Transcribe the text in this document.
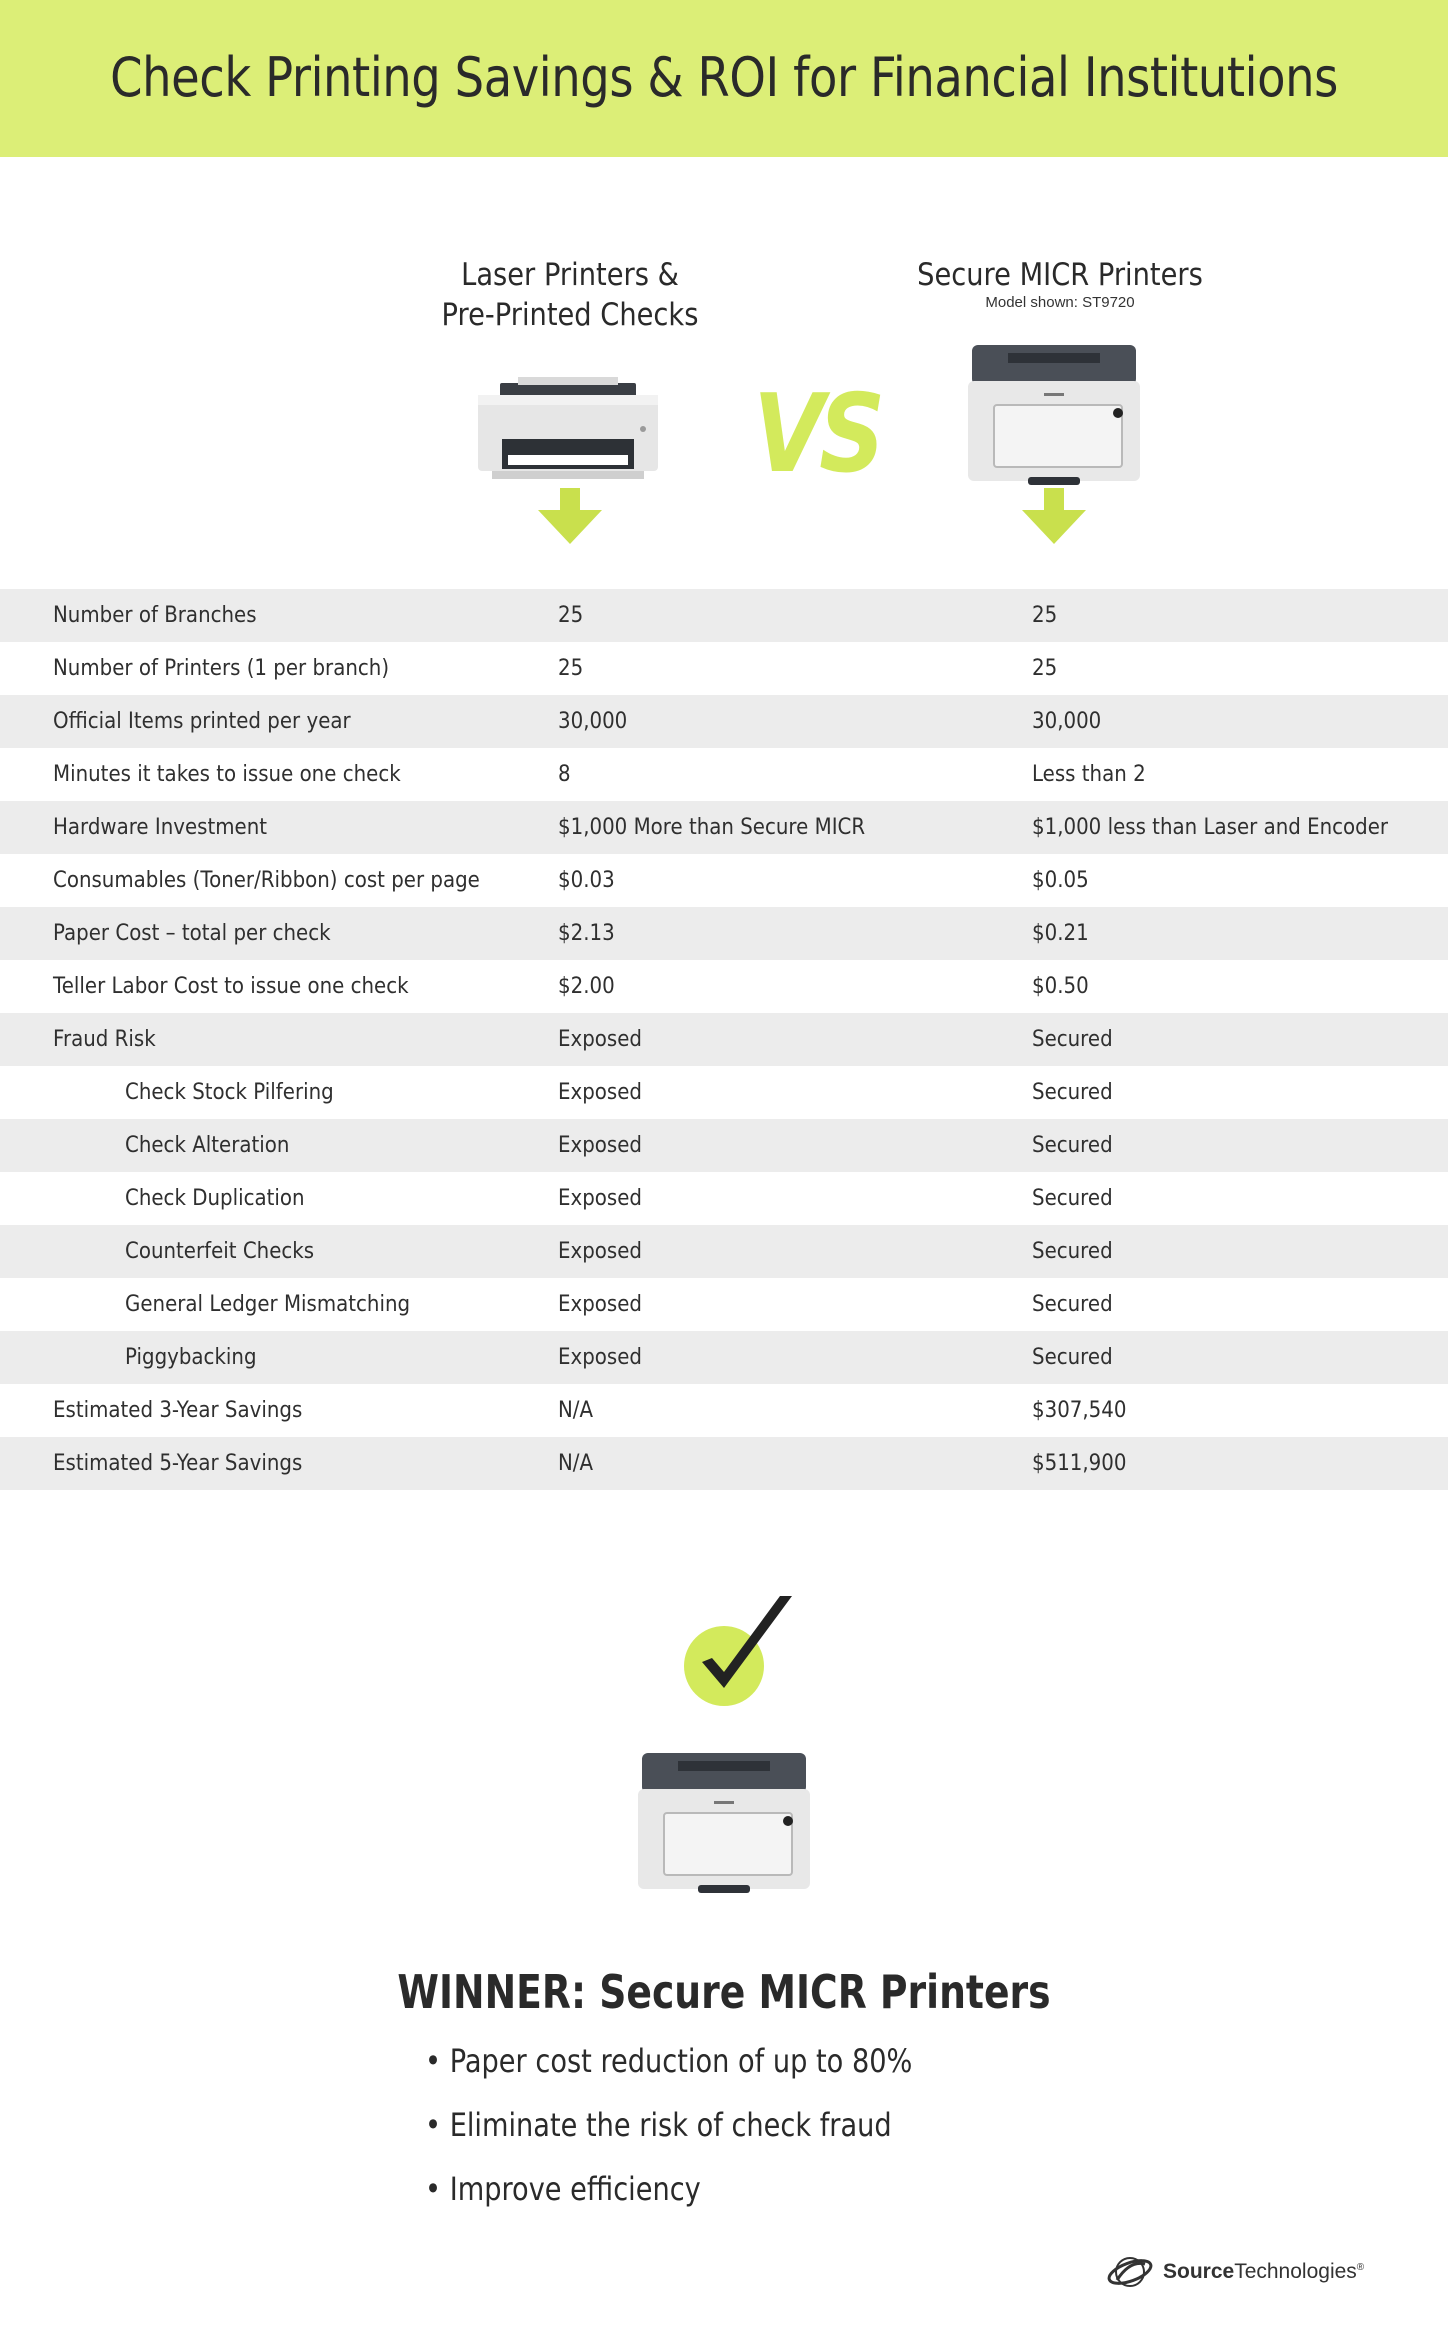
Check Printing Savings & ROI for Financial Institutions
Laser Printers &
Pre-Printed Checks
Secure MICR Printers
Model shown: ST9720
VS
Number of Branches	25	25
Number of Printers (1 per branch)	25	25
Official Items printed per year	30,000	30,000
Minutes it takes to issue one check	8	Less than 2
Hardware Investment	$1,000 More than Secure MICR	$1,000 less than Laser and Encoder
Consumables (Toner/Ribbon) cost per page	$0.03	$0.05
Paper Cost – total per check	$2.13	$0.21
Teller Labor Cost to issue one check	$2.00	$0.50
Fraud Risk	Exposed	Secured
Check Stock Pilfering	Exposed	Secured
Check Alteration	Exposed	Secured
Check Duplication	Exposed	Secured
Counterfeit Checks	Exposed	Secured
General Ledger Mismatching	Exposed	Secured
Piggybacking	Exposed	Secured
Estimated 3-Year Savings	N/A	$307,540
Estimated 5-Year Savings	N/A	$511,900
WINNER: Secure MICR Printers
• Paper cost reduction of up to 80%
• Eliminate the risk of check fraud
• Improve efficiency
SourceTechnologies®
